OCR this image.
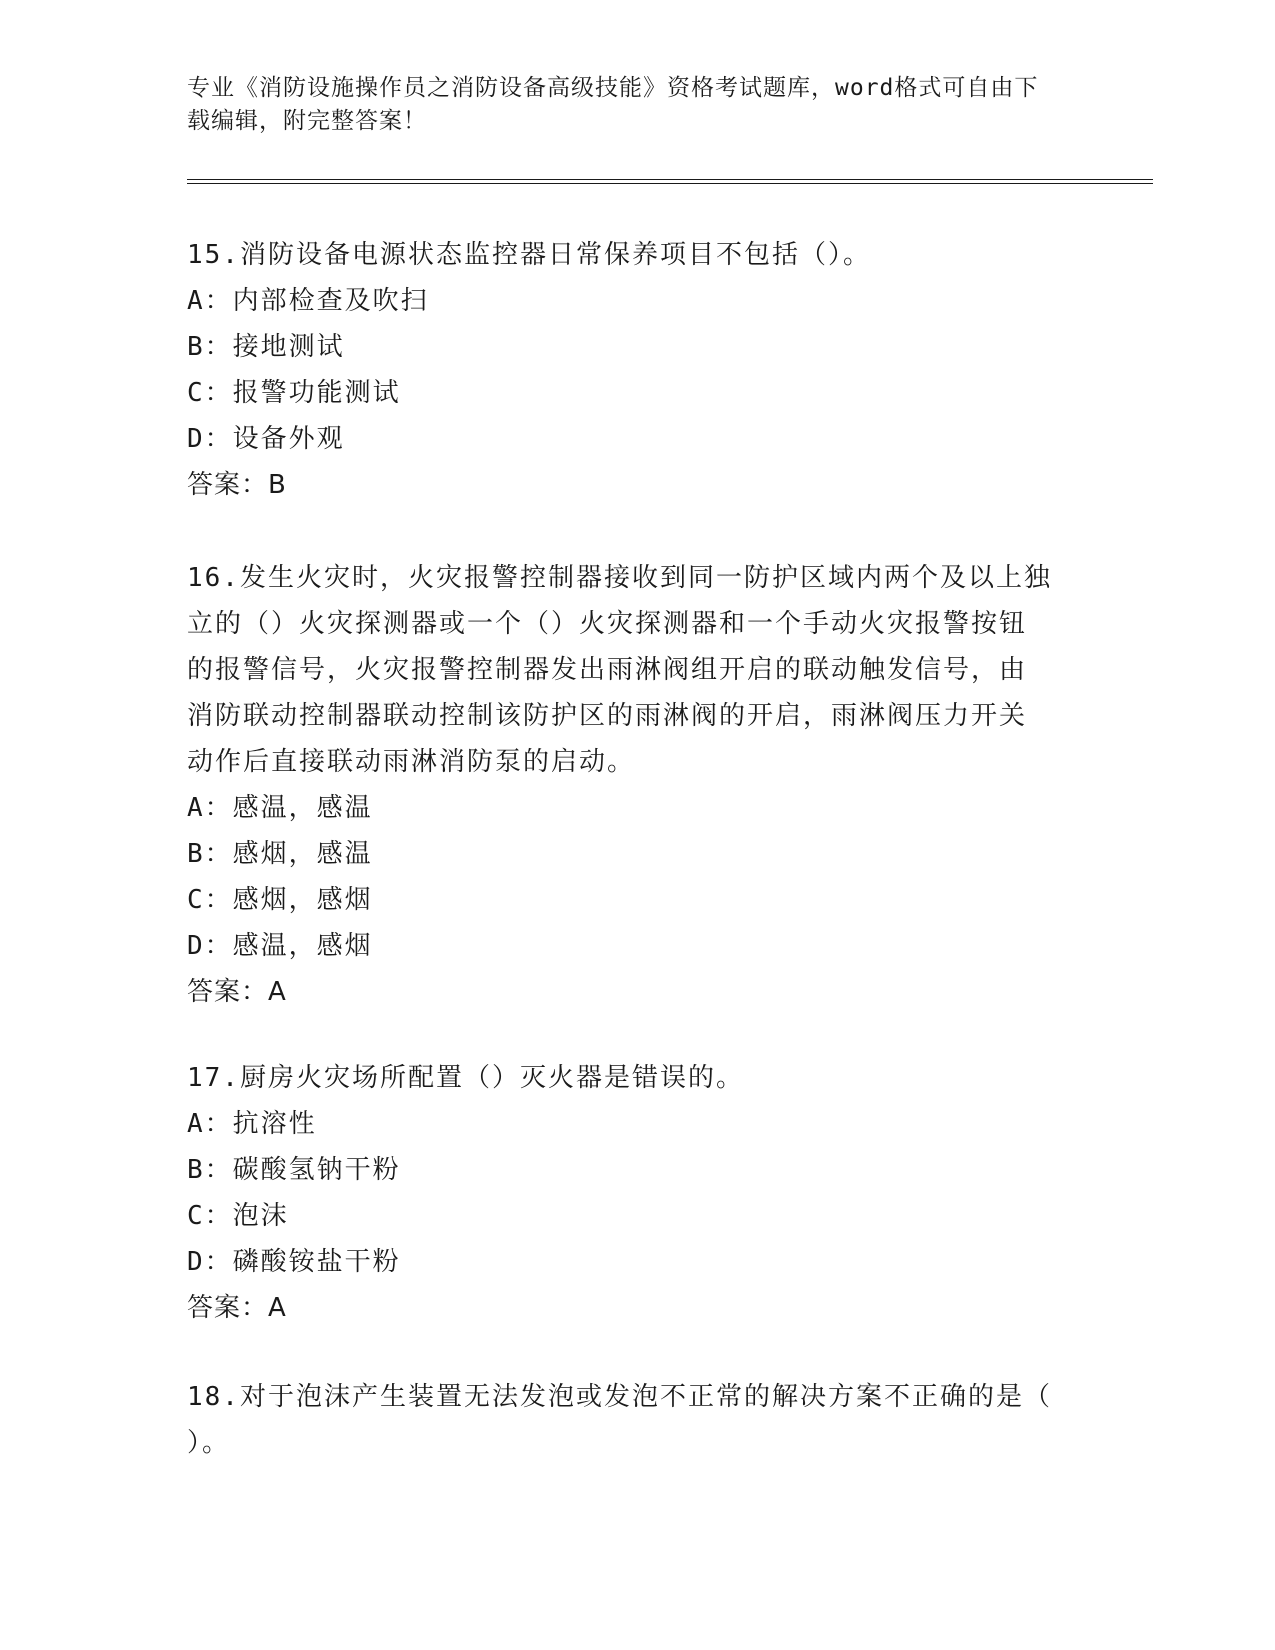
专业《消防设施操作员之消防设备高级技能》资格考试题库，word格式可自由下
载编辑，附完整答案！

15.消防设备电源状态监控器日常保养项目不包括（）。

A：内部检查及吹扫

B：接地测试

C：报警功能测试

D：设备外观

答案：B

16.发生火灾时，火灾报警控制器接收到同一防护区域内两个及以上独

立的（）火灾探测器或一个（）火灾探测器和一个手动火灾报警按钮

的报警信号，火灾报警控制器发出雨淋阀组开启的联动触发信号，由

消防联动控制器联动控制该防护区的雨淋阀的开启，雨淋阀压力开关

动作后直接联动雨淋消防泵的启动。

A：感温，感温

B：感烟，感温

C：感烟，感烟

D：感温，感烟

答案：A

17.厨房火灾场所配置（）灭火器是错误的。

A：抗溶性

B：碳酸氢钠干粉

C：泡沫

D：磷酸铵盐干粉

答案：A

18.对于泡沫产生装置无法发泡或发泡不正常的解决方案不正确的是（

）。
